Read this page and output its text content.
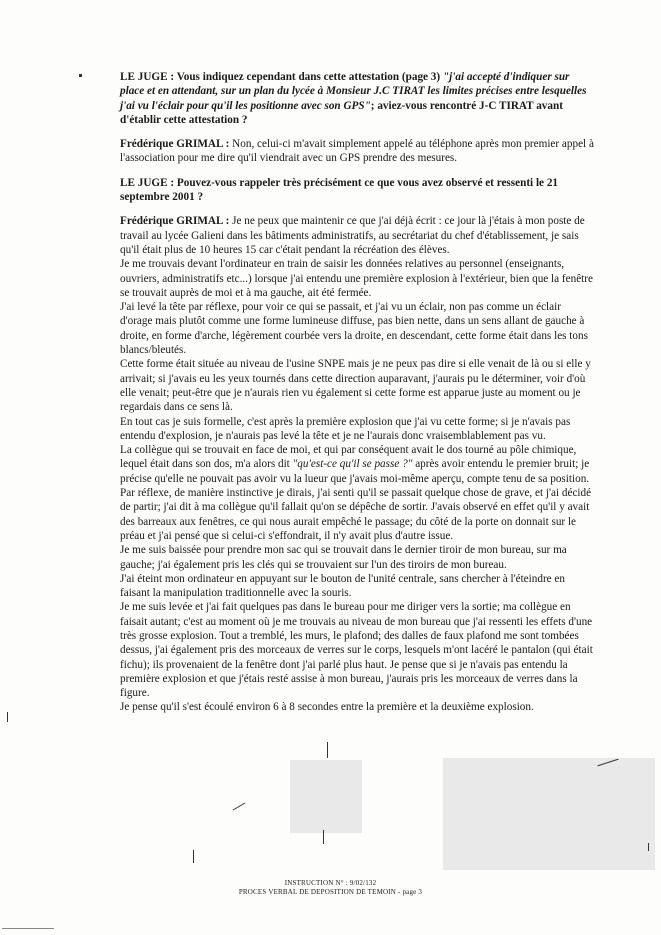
LE JUGE : Vous indiquez cependant dans cette attestation (page 3) "j'ai accepté d'indiquer sur place et en attendant, sur un plan du lycée à Monsieur J.C TIRAT les limites précises entre lesquelles j'ai vu l'éclair pour qu'il les positionne avec son GPS"; aviez-vous rencontré J-C TIRAT avant d'établir cette attestation ?

Frédérique GRIMAL : Non, celui-ci m'avait simplement appelé au téléphone après mon premier appel à l'association pour me dire qu'il viendrait avec un GPS prendre des mesures.

LE JUGE : Pouvez-vous rappeler très précisément ce que vous avez observé et ressenti le 21 septembre 2001 ?

Frédérique GRIMAL : Je ne peux que maintenir ce que j'ai déjà écrit : ce jour là j'étais à mon poste de travail au lycée Galieni dans les bâtiments administratifs, au secrétariat du chef d'établissement, je sais qu'il était plus de 10 heures 15 car c'était pendant la récréation des élèves.

Je me trouvais devant l'ordinateur en train de saisir les données relatives au personnel (enseignants, ouvriers, administratifs etc...) lorsque j'ai entendu une première explosion à l'extérieur, bien que la fenêtre se trouvait auprès de moi et à ma gauche, ait été fermée.

J'ai levé la tête par réflexe, pour voir ce qui se passait, et j'ai vu un éclair, non pas comme un éclair d'orage mais plutôt comme une forme lumineuse diffuse, pas bien nette, dans un sens allant de gauche à droite, en forme d'arche, légèrement courbée vers la droite, en descendant, cette forme était dans les tons blancs/bleutés.

Cette forme était située au niveau de l'usine SNPE mais je ne peux pas dire si elle venait de là ou si elle y arrivait; si j'avais eu les yeux tournés dans cette direction auparavant, j'aurais pu le déterminer, voir d'où elle venait; peut-être que je n'aurais rien vu également si cette forme est apparue juste au moment ou je regardais dans ce sens là.

En tout cas je suis formelle, c'est après la première explosion que j'ai vu cette forme; si je n'avais pas entendu d'explosion, je n'aurais pas levé la tête et je ne l'aurais donc vraisemblablement pas vu.

La collègue qui se trouvait en face de moi, et qui par conséquent avait le dos tourné au pôle chimique, lequel était dans son dos, m'a alors dit "qu'est-ce qu'il se passe ?" après avoir entendu le premier bruit; je précise qu'elle ne pouvait pas avoir vu la lueur que j'avais moi-même aperçu, compte tenu de sa position.

Par réflexe, de manière instinctive je dirais, j'ai senti qu'il se passait quelque chose de grave, et j'ai décidé de partir; j'ai dit à ma collègue qu'il fallait qu'on se dépêche de sortir. J'avais observé en effet qu'il y avait des barreaux aux fenêtres, ce qui nous aurait empêché le passage; du côté de la porte on donnait sur le préau et j'ai pensé que si celui-ci s'effondrait, il n'y avait plus d'autre issue.

Je me suis baissée pour prendre mon sac qui se trouvait dans le dernier tiroir de mon bureau, sur ma gauche; j'ai également pris les clés qui se trouvaient sur l'un des tiroirs de mon bureau.

J'ai éteint mon ordinateur en appuyant sur le bouton de l'unité centrale, sans chercher à l'éteindre en faisant la manipulation traditionnelle avec la souris.

Je me suis levée et j'ai fait quelques pas dans le bureau pour me diriger vers la sortie; ma collègue en faisait autant; c'est au moment où je me trouvais au niveau de mon bureau que j'ai ressenti les effets d'une très grosse explosion. Tout a tremblé, les murs, le plafond; des dalles de faux plafond me sont tombées dessus, j'ai également pris des morceaux de verres sur le corps, lesquels m'ont lacéré le pantalon (qui était fichu); ils provenaient de la fenêtre dont j'ai parlé plus haut. Je pense que si je n'avais pas entendu la première explosion et que j'étais resté assise à mon bureau, j'aurais pris les morceaux de verres dans la figure.

Je pense qu'il s'est écoulé environ 6 à 8 secondes entre la première et la deuxième explosion.

INSTRUCTION N° : 9/02/132
PROCES VERBAL DE DEPOSITION DE TEMOIN - page 3
